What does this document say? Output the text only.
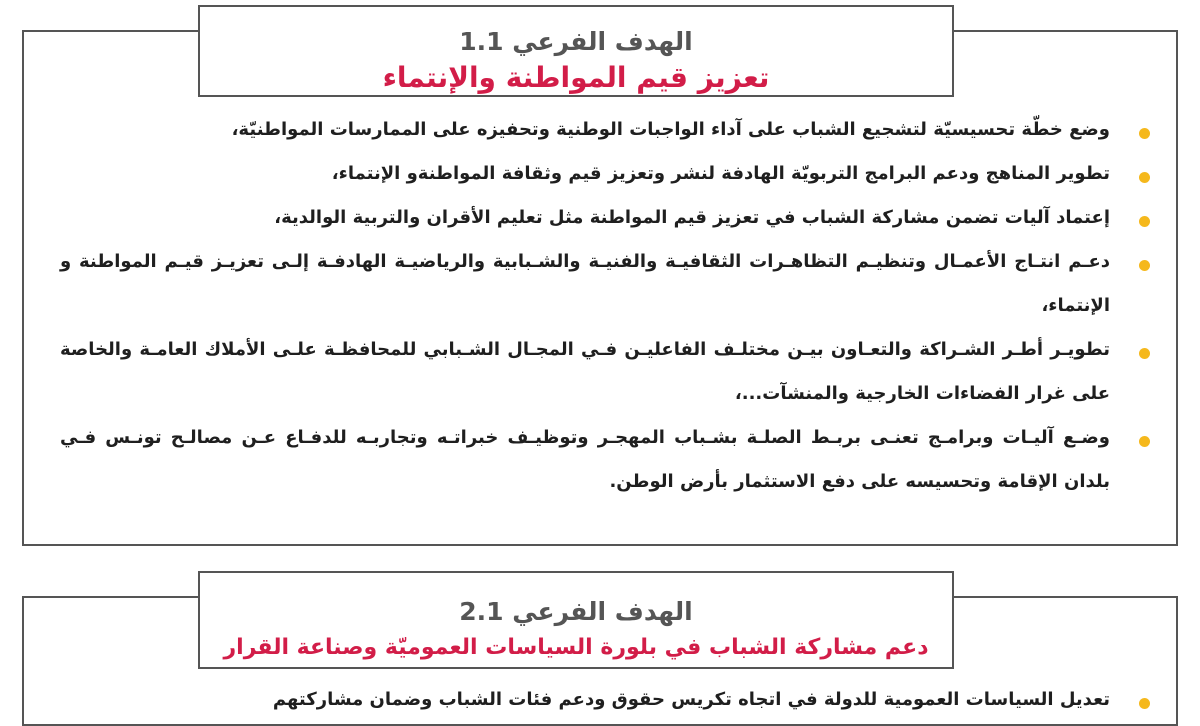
الهدف الفرعي 1.1
تعزيز قيم المواطنة والإنتماء
وضع خطّة تحسيسيّة لتشجيع الشباب على آداء الواجبات الوطنية وتحفيزه على الممارسات المواطنيّة،
تطوير المناهج ودعم البرامج التربويّة الهادفة لنشر وتعزيز قيم وثقافة المواطنةو الإنتماء،
إعتماد آليات تضمن مشاركة الشباب في تعزيز قيم المواطنة مثل تعليم الأقران والتربية الوالدية،
دعـم انتـاج الأعمـال وتنظيـم التظاهـرات الثقافيـة والفنيـة والشـبابية والرياضيـة الهادفـة إلـى تعزيـز قيـم المواطنة و الإنتماء،
تطويـر أطـر الشـراكة والتعـاون بيـن مختلـف الفاعليـن فـي المجـال الشـبابي للمحافظـة علـى الأملاك العامـة والخاصة على غرار الفضاءات الخارجية والمنشآت...،
وضـع آليـات وبرامـج تعنـى بربـط الصلـة بشـباب المهجـر وتوظيـف خبراتـه وتجاربـه للدفـاع عـن مصالـح تونـس فـي بلدان الإقامة وتحسيسه على دفع الاستثمار بأرض الوطن.
الهدف الفرعي 2.1
دعم مشاركة الشباب في بلورة السياسات العموميّة وصناعة القرار
تعديل السياسات العمومية للدولة في اتجاه تكريس حقوق ودعم فئات الشباب وضمان مشاركتهم
